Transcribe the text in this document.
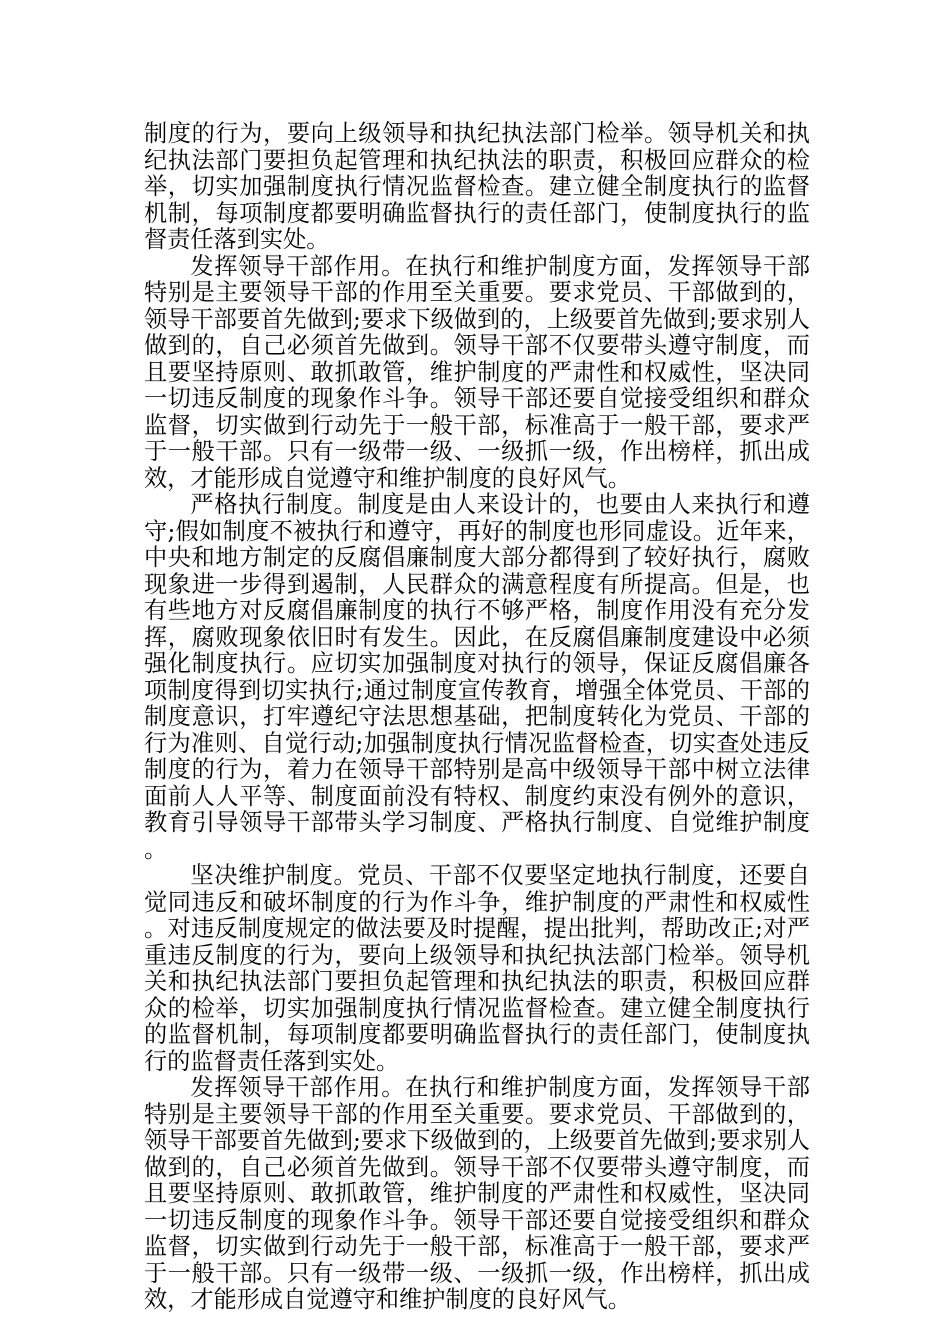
制度的行为，要向上级领导和执纪执法部门检举。领导机关和执纪执法部门要担负起管理和执纪执法的职责，积极回应群众的检举，切实加强制度执行情况监督检查。建立健全制度执行的监督机制，每项制度都要明确监督执行的责任部门，使制度执行的监督责任落到实处。

发挥领导干部作用。在执行和维护制度方面，发挥领导干部特别是主要领导干部的作用至关重要。要求党员、干部做到的，领导干部要首先做到;要求下级做到的，上级要首先做到;要求别人做到的，自己必须首先做到。领导干部不仅要带头遵守制度，而且要坚持原则、敢抓敢管，维护制度的严肃性和权威性，坚决同一切违反制度的现象作斗争。领导干部还要自觉接受组织和群众监督，切实做到行动先于一般干部，标准高于一般干部，要求严于一般干部。只有一级带一级、一级抓一级，作出榜样，抓出成效，才能形成自觉遵守和维护制度的良好风气。

严格执行制度。制度是由人来设计的，也要由人来执行和遵守;假如制度不被执行和遵守，再好的制度也形同虚设。近年来，中央和地方制定的反腐倡廉制度大部分都得到了较好执行，腐败现象进一步得到遏制，人民群众的满意程度有所提高。但是，也有些地方对反腐倡廉制度的执行不够严格，制度作用没有充分发挥，腐败现象依旧时有发生。因此，在反腐倡廉制度建设中必须强化制度执行。应切实加强制度对执行的领导，保证反腐倡廉各项制度得到切实执行;通过制度宣传教育，增强全体党员、干部的制度意识，打牢遵纪守法思想基础，把制度转化为党员、干部的行为准则、自觉行动;加强制度执行情况监督检查，切实查处违反制度的行为，着力在领导干部特别是高中级领导干部中树立法律面前人人平等、制度面前没有特权、制度约束没有例外的意识，教育引导领导干部带头学习制度、严格执行制度、自觉维护制度。

坚决维护制度。党员、干部不仅要坚定地执行制度，还要自觉同违反和破坏制度的行为作斗争，维护制度的严肃性和权威性。对违反制度规定的做法要及时提醒，提出批判，帮助改正;对严重违反制度的行为，要向上级领导和执纪执法部门检举。领导机关和执纪执法部门要担负起管理和执纪执法的职责，积极回应群众的检举，切实加强制度执行情况监督检查。建立健全制度执行的监督机制，每项制度都要明确监督执行的责任部门，使制度执行的监督责任落到实处。

发挥领导干部作用。在执行和维护制度方面，发挥领导干部特别是主要领导干部的作用至关重要。要求党员、干部做到的，领导干部要首先做到;要求下级做到的，上级要首先做到;要求别人做到的，自己必须首先做到。领导干部不仅要带头遵守制度，而且要坚持原则、敢抓敢管，维护制度的严肃性和权威性，坚决同一切违反制度的现象作斗争。领导干部还要自觉接受组织和群众监督，切实做到行动先于一般干部，标准高于一般干部，要求严于一般干部。只有一级带一级、一级抓一级，作出榜样，抓出成效，才能形成自觉遵守和维护制度的良好风气。
